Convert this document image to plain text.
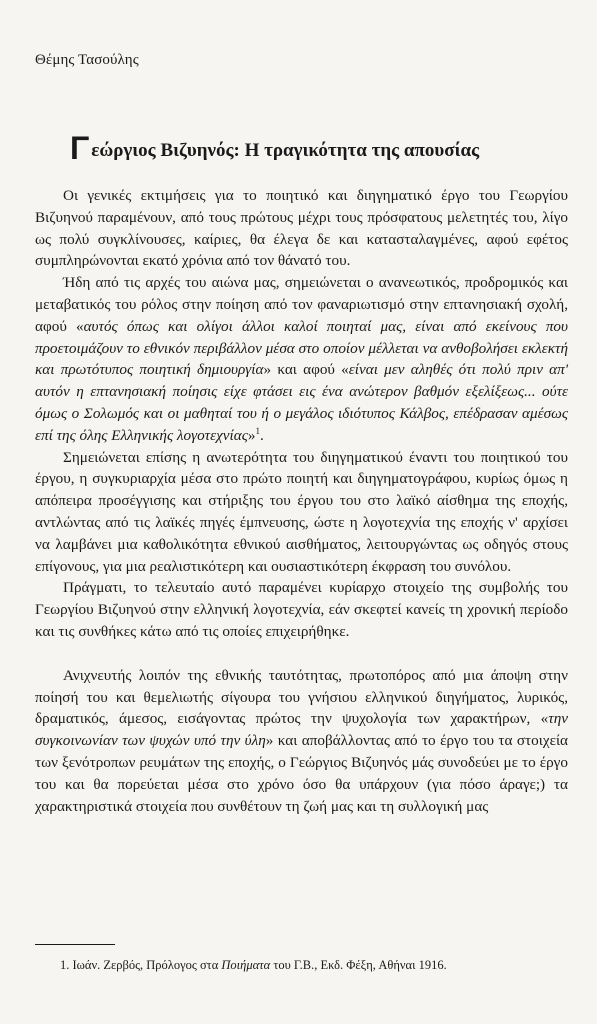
Θέμης Τασούλης
Γεώργιος Βιζυηνός: Η τραγικότητα της απουσίας

Οι γενικές εκτιμήσεις για το ποιητικό και διηγηματικό έργο του Γεωργίου Βιζυηνού παραμένουν, από τους πρώτους μέχρι τους πρόσφατους μελετητές του, λίγο ως πολύ συγκλίνουσες, καίριες, θα έλεγα δε και κατασταλαγμένες, αφού εφέτος συμπληρώνονται εκατό χρόνια από τον θάνατό του.

Ήδη από τις αρχές του αιώνα μας, σημειώνεται ο ανανεωτικός, προδρομικός και μεταβατικός του ρόλος στην ποίηση από τον φαναριωτισμό στην επτανησιακή σχολή, αφού «αυτός όπως και ολίγοι άλλοι καλοί ποιηταί μας, είναι από εκείνους που προετοιμάζουν το εθνικόν περιβάλλον μέσα στο οποίον μέλλεται να ανθοβολήσει εκλεκτή και πρωτότυπος ποιητική δημιουργία» και αφού «είναι μεν αληθές ότι πολύ πριν απ' αυτόν η επτανησιακή ποίησις είχε φτάσει εις ένα ανώτερον βαθμόν εξελίξεως... ούτε όμως ο Σολωμός και οι μαθηταί του ή ο μεγάλος ιδιότυπος Κάλβος, επέδρασαν αμέσως επί της όλης Ελληνικής λογοτεχνίας»$^1$.

Σημειώνεται επίσης η ανωτερότητα του διηγηματικού έναντι του ποιητικού του έργου, η συγκυριαρχία μέσα στο πρώτο ποιητή και διηγηματογράφου, κυρίως όμως η απόπειρα προσέγγισης και στήριξης του έργου του στο λαϊκό αίσθημα της εποχής, αντλώντας από τις λαϊκές πηγές έμπνευσης, ώστε η λογοτεχνία της εποχής ν' αρχίσει να λαμβάνει μια καθολικότητα εθνικού αισθήματος, λειτουργώντας ως οδηγός στους επίγονους, για μια ρεαλιστικότερη και ουσιαστικότερη έκφραση του συνόλου.

Πράγματι, το τελευταίο αυτό παραμένει κυρίαρχο στοιχείο της συμβολής του Γεωργίου Βιζυηνού στην ελληνική λογοτεχνία, εάν σκεφτεί κανείς τη χρονική περίοδο και τις συνθήκες κάτω από τις οποίες επιχειρήθηκε.

Ανιχνευτής λοιπόν της εθνικής ταυτότητας, πρωτοπόρος από μια άποψη στην ποίησή του και θεμελιωτής σίγουρα του γνήσιου ελληνικού διηγήματος, λυρικός, δραματικός, άμεσος, εισάγοντας πρώτος την ψυχολογία των χαρακτήρων, «την συγκοινωνίαν των ψυχών υπό την ύλη» και αποβάλλοντας από το έργο του τα στοιχεία των ξενότροπων ρευμάτων της εποχής, ο Γεώργιος Βιζυηνός μάς συνοδεύει με το έργο του και θα πορεύεται μέσα στο χρόνο όσο θα υπάρχουν (για πόσο άραγε;) τα χαρακτηριστικά στοιχεία που συνθέτουν τη ζωή μας και τη συλλογική μας

1. Ιωάν. Ζερβός, Πρόλογος στα Ποιήματα του Γ.Β., Εκδ. Φέξη, Αθήναι 1916.
